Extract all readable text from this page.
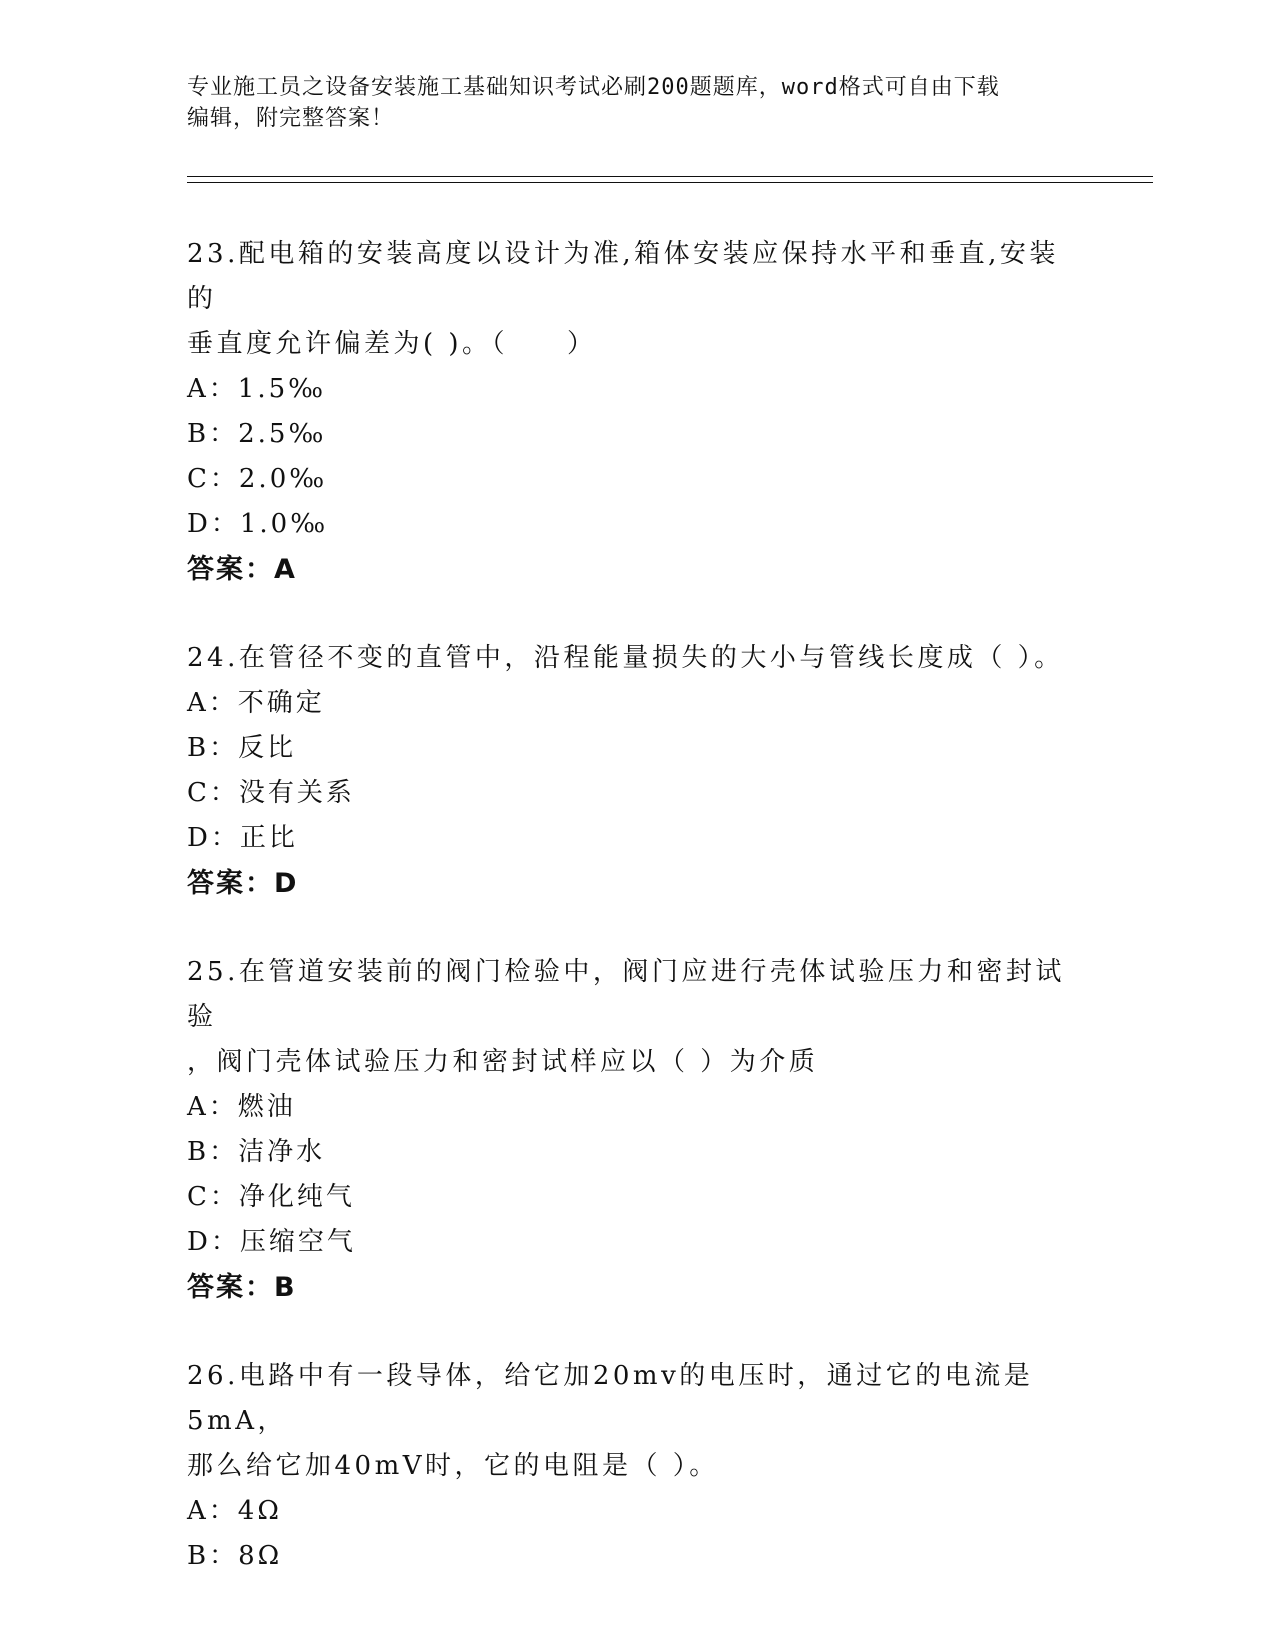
专业施工员之设备安装施工基础知识考试必刷200题题库，word格式可自由下载
编辑，附完整答案！

23.配电箱的安装高度以设计为准,箱体安装应保持水平和垂直,安装的
垂直度允许偏差为( )。（　　）

A：1.5‰

B：2.5‰

C：2.0‰

D：1.0‰

答案：A

24.在管径不变的直管中，沿程能量损失的大小与管线长度成（ ）。

A：不确定

B：反比

C：没有关系

D：正比

答案：D

25.在管道安装前的阀门检验中，阀门应进行壳体试验压力和密封试验
，阀门壳体试验压力和密封试样应以（ ）为介质

A：燃油

B：洁净水

C：净化纯气

D：压缩空气

答案：B

26.电路中有一段导体，给它加20mv的电压时，通过它的电流是5mA，
那么给它加40mV时，它的电阻是（ ）。

A：4Ω

B：8Ω
